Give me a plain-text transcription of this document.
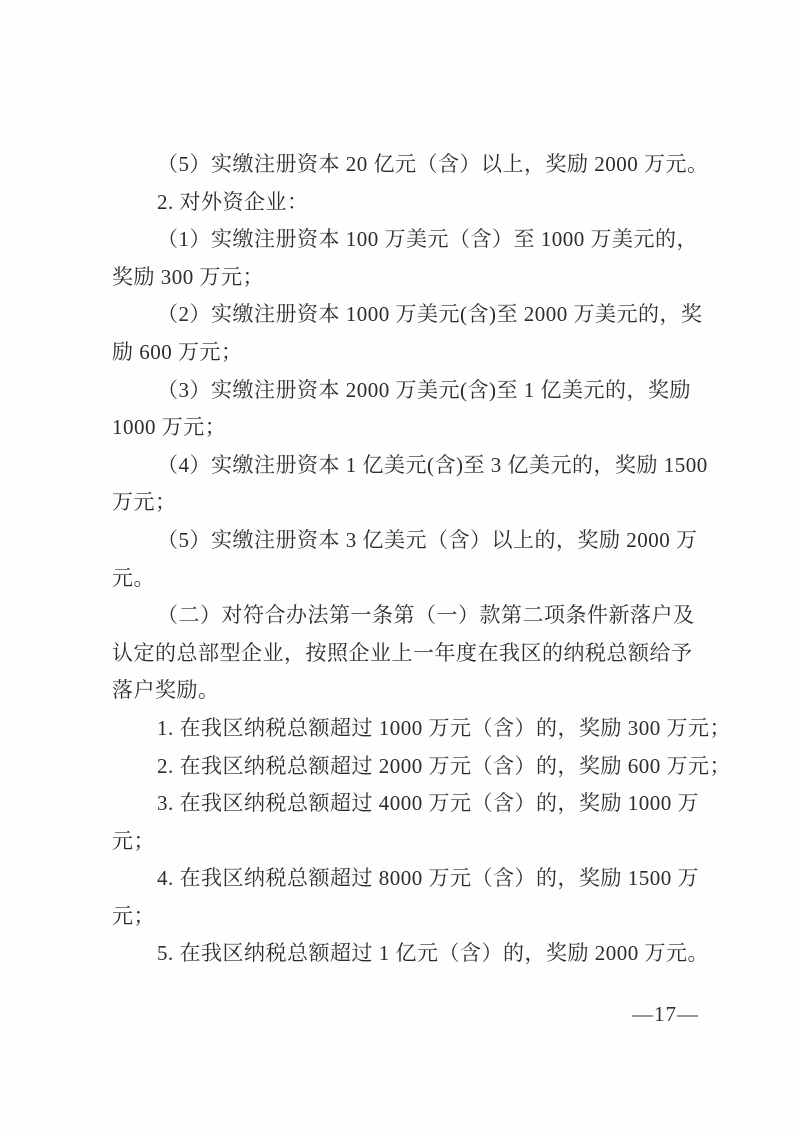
（5）实缴注册资本 20 亿元（含）以上，奖励 2000 万元。

2. 对外资企业：

（1）实缴注册资本 100 万美元（含）至 1000 万美元的，
奖励 300 万元；

（2）实缴注册资本 1000 万美元(含)至 2000 万美元的，奖
励 600 万元；

（3）实缴注册资本 2000 万美元(含)至 1 亿美元的，奖励
1000 万元；

（4）实缴注册资本 1 亿美元(含)至 3 亿美元的，奖励 1500
万元；

（5）实缴注册资本 3 亿美元（含）以上的，奖励 2000 万
元。

（二）对符合办法第一条第（一）款第二项条件新落户及
认定的总部型企业，按照企业上一年度在我区的纳税总额给予
落户奖励。

1. 在我区纳税总额超过 1000 万元（含）的，奖励 300 万元；

2. 在我区纳税总额超过 2000 万元（含）的，奖励 600 万元；

3. 在我区纳税总额超过 4000 万元（含）的，奖励 1000 万
元；

4. 在我区纳税总额超过 8000 万元（含）的，奖励 1500 万
元；

5. 在我区纳税总额超过 1 亿元（含）的，奖励 2000 万元。

—17—
